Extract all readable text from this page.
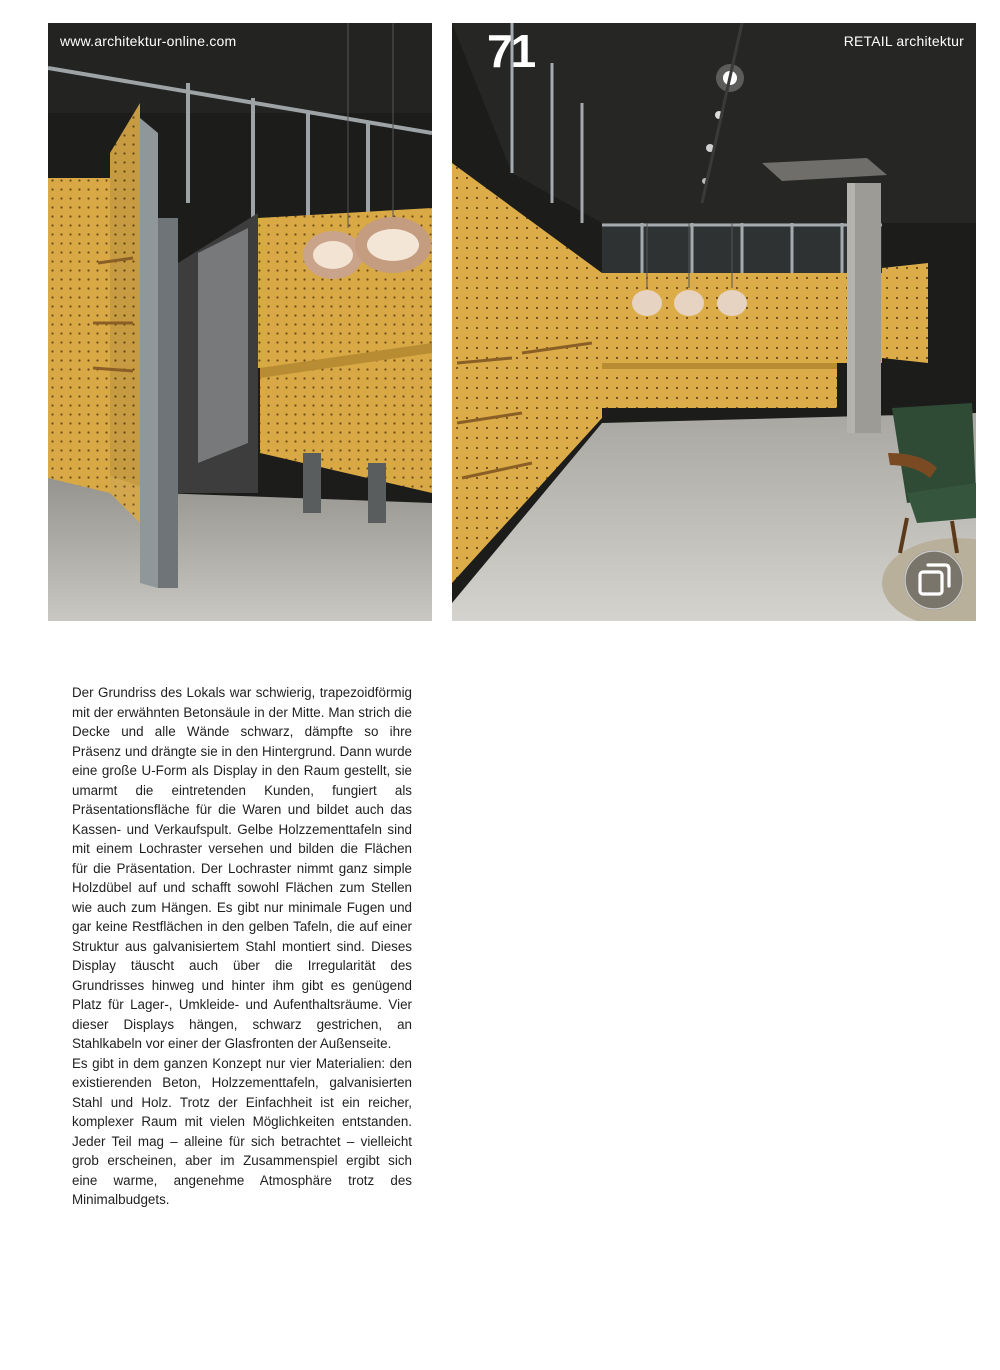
www.architektur-online.com	71	RETAIL architektur

Der Grundriss des Lokals war schwierig, trapezoidförmig mit der erwähnten Betonsäule in der Mitte. Man strich die Decke und alle Wände schwarz, dämpfte so ihre Präsenz und drängte sie in den Hintergrund. Dann wurde eine große U-Form als Display in den Raum gestellt, sie umarmt die eintretenden Kunden, fungiert als Präsentationsfläche für die Waren und bildet auch das Kassen- und Verkaufspult. Gelbe Holzzementtafeln sind mit einem Lochraster versehen und bilden die Flächen für die Präsentation. Der Lochraster nimmt ganz simple Holzdübel auf und schafft sowohl Flächen zum Stellen wie auch zum Hängen. Es gibt nur minimale Fugen und gar keine Restflächen in den gelben Tafeln, die auf einer Struktur aus galvanisiertem Stahl montiert sind. Dieses Display täuscht auch über die Irregularität des Grundrisses hinweg und hinter ihm gibt es genügend Platz für Lager-, Umkleide- und Aufenthaltsräume. Vier dieser Displays hängen, schwarz gestrichen, an Stahlkabeln vor einer der Glasfronten der Außenseite.

Es gibt in dem ganzen Konzept nur vier Materialien: den existierenden Beton, Holzzementtafeln, galvanisierten Stahl und Holz. Trotz der Einfachheit ist ein reicher, komplexer Raum mit vielen Möglichkeiten entstanden. Jeder Teil mag – alleine für sich betrachtet – vielleicht grob erscheinen, aber im Zusammenspiel ergibt sich eine warme, angenehme Atmosphäre trotz des Minimalbudgets.
